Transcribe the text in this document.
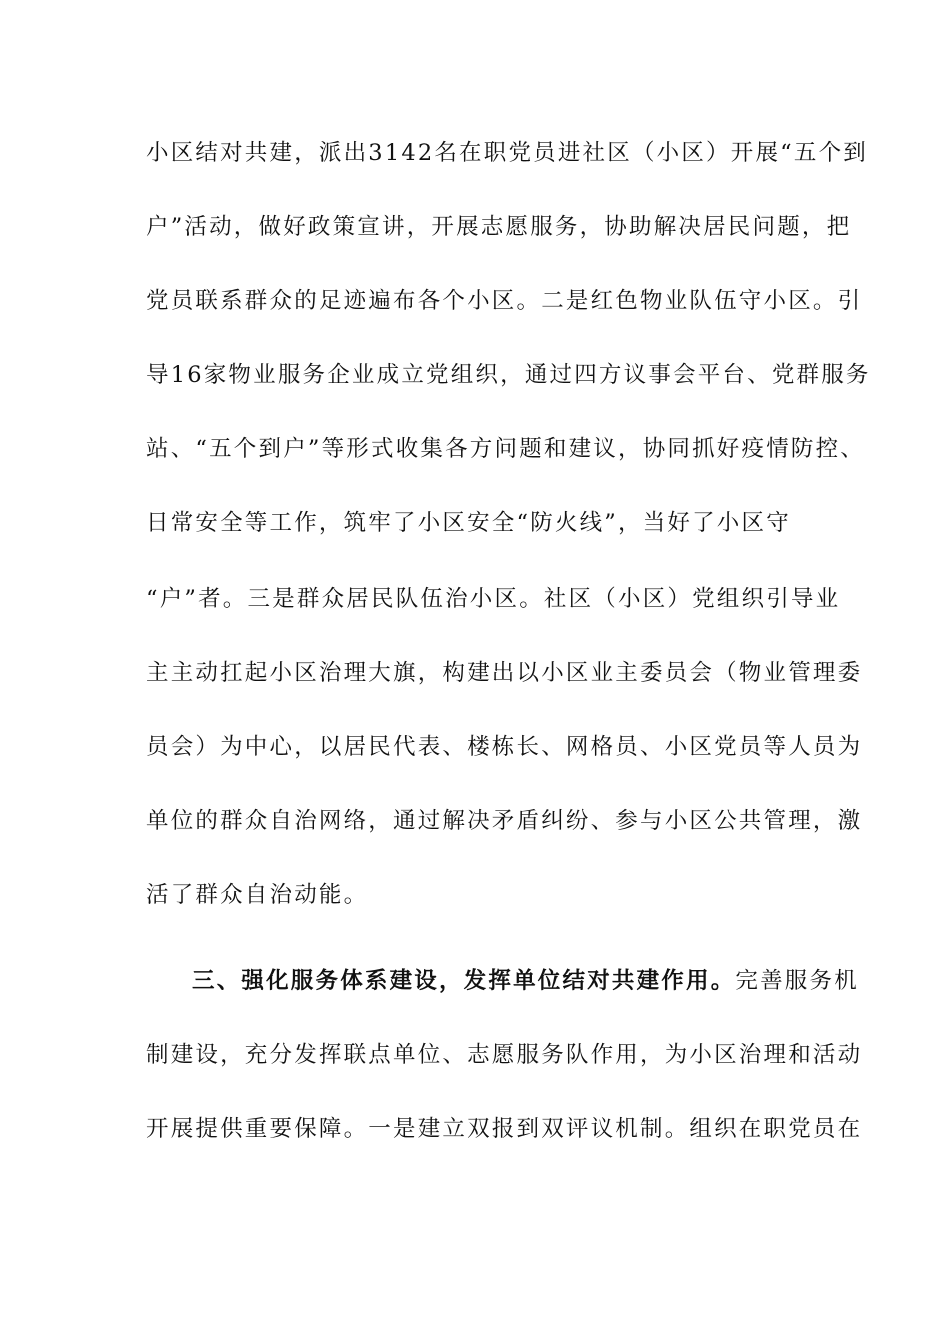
小区结对共建，派出3142名在职党员进社区（小区）开展“五个到
户”活动，做好政策宣讲，开展志愿服务，协助解决居民问题，把
党员联系群众的足迹遍布各个小区。二是红色物业队伍守小区。引
导16家物业服务企业成立党组织，通过四方议事会平台、党群服务
站、“五个到户”等形式收集各方问题和建议，协同抓好疫情防控、
日常安全等工作，筑牢了小区安全“防火线”，当好了小区守
“户”者。三是群众居民队伍治小区。社区（小区）党组织引导业
主主动扛起小区治理大旗，构建出以小区业主委员会（物业管理委
员会）为中心，以居民代表、楼栋长、网格员、小区党员等人员为
单位的群众自治网络，通过解决矛盾纠纷、参与小区公共管理，激
活了群众自治动能。
三、强化服务体系建设，发挥单位结对共建作用。完善服务机
制建设，充分发挥联点单位、志愿服务队作用，为小区治理和活动
开展提供重要保障。一是建立双报到双评议机制。组织在职党员在
